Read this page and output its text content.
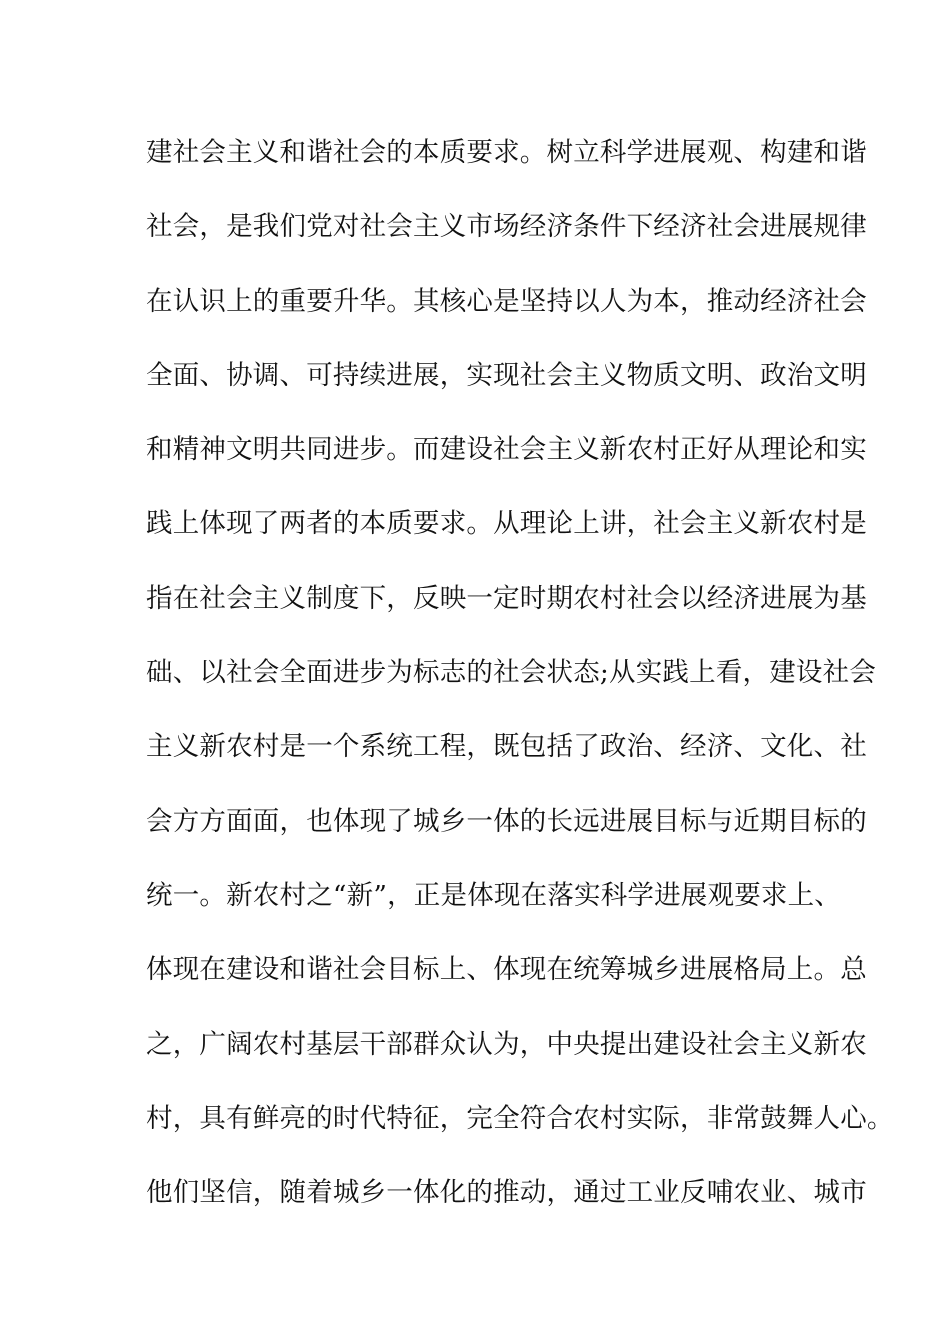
建社会主义和谐社会的本质要求。树立科学进展观、构建和谐
社会，是我们党对社会主义市场经济条件下经济社会进展规律
在认识上的重要升华。其核心是坚持以人为本，推动经济社会
全面、协调、可持续进展，实现社会主义物质文明、政治文明
和精神文明共同进步。而建设社会主义新农村正好从理论和实
践上体现了两者的本质要求。从理论上讲，社会主义新农村是
指在社会主义制度下，反映一定时期农村社会以经济进展为基
础、以社会全面进步为标志的社会状态;从实践上看，建设社会
主义新农村是一个系统工程，既包括了政治、经济、文化、社
会方方面面，也体现了城乡一体的长远进展目标与近期目标的
统一。新农村之“新”，正是体现在落实科学进展观要求上、
体现在建设和谐社会目标上、体现在统筹城乡进展格局上。总
之，广阔农村基层干部群众认为，中央提出建设社会主义新农
村，具有鲜亮的时代特征，完全符合农村实际，非常鼓舞人心。
他们坚信，随着城乡一体化的推动，通过工业反哺农业、城市
